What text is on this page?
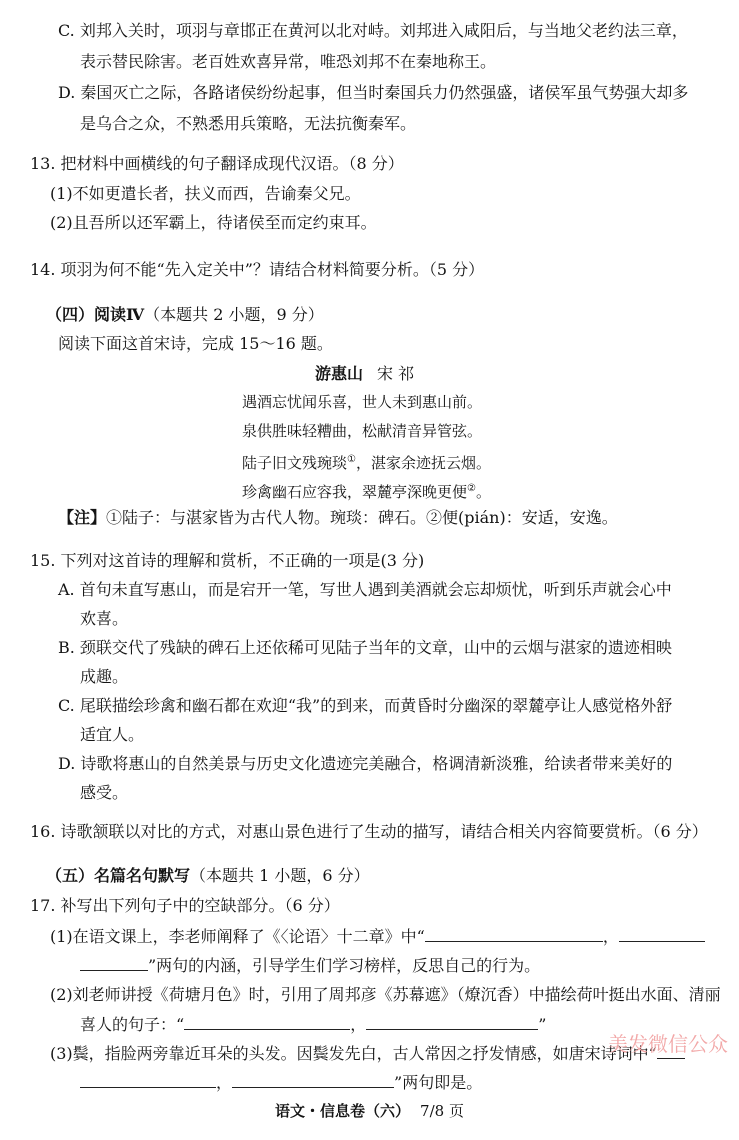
C. 刘邦入关时，项羽与章邯正在黄河以北对峙。刘邦进入咸阳后，与当地父老约法三章，
表示替民除害。老百姓欢喜异常，唯恐刘邦不在秦地称王。
D. 秦国灭亡之际，各路诸侯纷纷起事，但当时秦国兵力仍然强盛，诸侯军虽气势强大却多
是乌合之众，不熟悉用兵策略，无法抗衡秦军。
13. 把材料中画横线的句子翻译成现代汉语。（8 分）
(1)不如更遣长者，扶义而西，告谕秦父兄。
(2)且吾所以还军霸上，待诸侯至而定约束耳。
14. 项羽为何不能“先入定关中”？请结合材料简要分析。（5 分）
（四）阅读Ⅳ（本题共 2 小题，9 分）
阅读下面这首宋诗，完成 15～16 题。
游惠山 宋 祁
遇酒忘忧闻乐喜，世人未到惠山前。
泉供胜味轻糟曲，松献清音异管弦。
陆子旧文残琬琰①，湛家余迹抚云烟。
珍禽幽石应容我，翠麓亭深晚更便②。
【注】①陆子：与湛家皆为古代人物。琬琰：碑石。②便(pián)：安适，安逸。
15. 下列对这首诗的理解和赏析，不正确的一项是(3 分)
A. 首句未直写惠山，而是宕开一笔，写世人遇到美酒就会忘却烦忧，听到乐声就会心中
欢喜。
B. 颈联交代了残缺的碑石上还依稀可见陆子当年的文章，山中的云烟与湛家的遗迹相映
成趣。
C. 尾联描绘珍禽和幽石都在欢迎“我”的到来，而黄昏时分幽深的翠麓亭让人感觉格外舒
适宜人。
D. 诗歌将惠山的自然美景与历史文化遗迹完美融合，格调清新淡雅，给读者带来美好的
感受。
16. 诗歌颔联以对比的方式，对惠山景色进行了生动的描写，请结合相关内容简要赏析。（6 分）
（五）名篇名句默写（本题共 1 小题，6 分）
17. 补写出下列句子中的空缺部分。（6 分）
(1)在语文课上，李老师阐释了《〈论语〉十二章》中“	，
”两句的内涵，引导学生们学习榜样，反思自己的行为。
(2)刘老师讲授《荷塘月色》时，引用了周邦彦《苏幕遮》（燎沉香）中描绘荷叶挺出水面、清丽
喜人的句子：“	，	”
(3)鬓，指脸两旁靠近耳朵的头发。因鬓发先白，古人常因之抒发情感，如唐宋诗词中“
，	”两句即是。
美发微信公众
语文・信息卷（六） 7/8 页
